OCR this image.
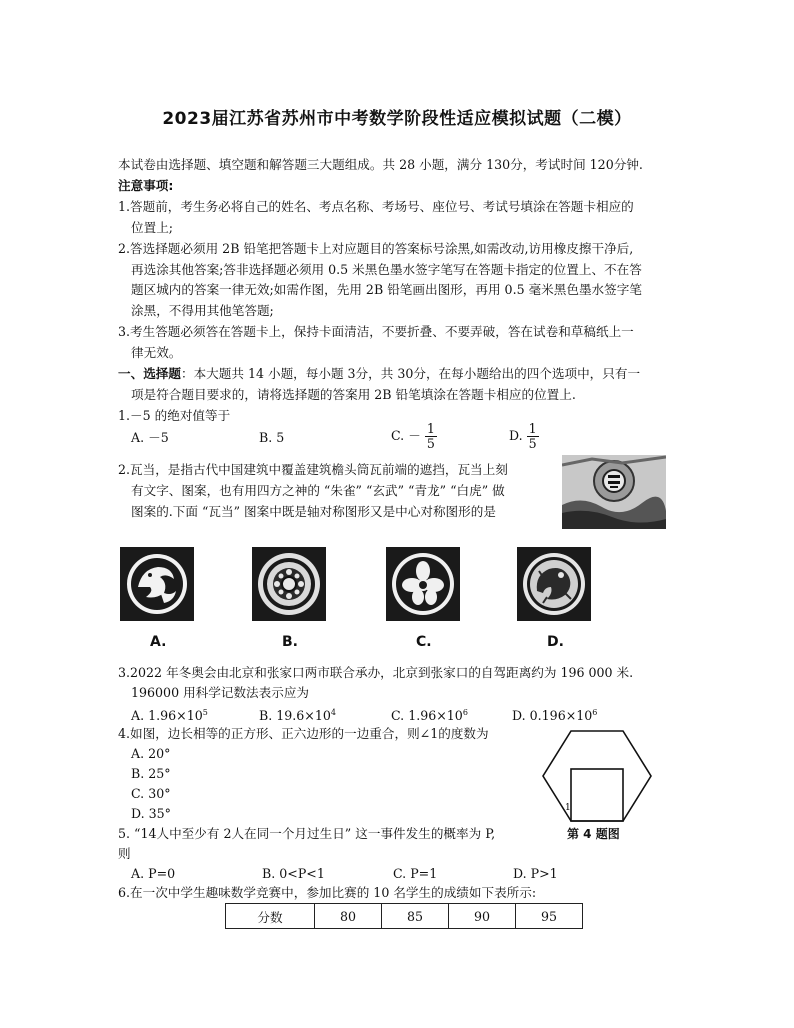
2023届江苏省苏州市中考数学阶段性适应模拟试题（二模）
本试卷由选择题、填空题和解答题三大题组成。共 28 小题，满分 130分，考试时间 120分钟.
注意事项:
1.答题前，考生务必将自己的姓名、考点名称、考场号、座位号、考试号填涂在答题卡相应的
位置上;
2.答选择题必须用 2B 铅笔把答题卡上对应题目的答案标号涂黑,如需改动,访用橡皮擦干净后,
再选涂其他答案;答非选择题必须用 0.5 米黑色墨水签字笔写在答题卡指定的位置上、不在答
题区城内的答案一律无效;如需作图，先用 2B 铅笔画出图形，再用 0.5 毫米黑色墨水签字笔
涂黑，不得用其他笔答题;
3.考生答题必须答在答题卡上，保持卡面清洁，不要折叠、不要弄破，答在试卷和草稿纸上一
律无效。
一、选择题：本大题共 14 小题，每小题 3分，共 30分，在每小题给出的四个选项中，只有一
项是符合题目要求的，请将选择题的答案用 2B 铅笔填涂在答题卡相应的位置上.
1.－5 的绝对值等于
A. －5	B. 5	C. － $\frac{1}{5}$	D. $\frac{1}{5}$
2.瓦当，是指古代中国建筑中覆盖建筑檐头筒瓦前端的遮挡，瓦当上刻
有文字、图案，也有用四方之神的 “朱雀” “玄武” “青龙” “白虎” 做
图案的.下面 “瓦当” 图案中既是轴对称图形又是中心对称图形的是
A.	B.	C.	D.
3.2022 年冬奥会由北京和张家口两市联合承办，北京到张家口的自驾距离约为 196 000 米.
196000 用科学记数法表示应为
A. $1.96\times 10^5$	B. $19.6\times 10^4$	C. $1.96\times 10^6$	D. $0.196\times 10^6$
4.如图，边长相等的正方形、正六边形的一边重合，则∠1的度数为
A. 20°
B. 25°
C. 30°
D. 35°	1
第 4 题图
5. “14人中至少有 2人在同一个月过生日” 这一事件发生的概率为 P,
则
A. P=0	B. 0<P<1	C. P=1	D. P>1
6.在一次中学生趣味数学竞赛中，参加比赛的 10 名学生的成绩如下表所示:
分数	80	85	90	95
